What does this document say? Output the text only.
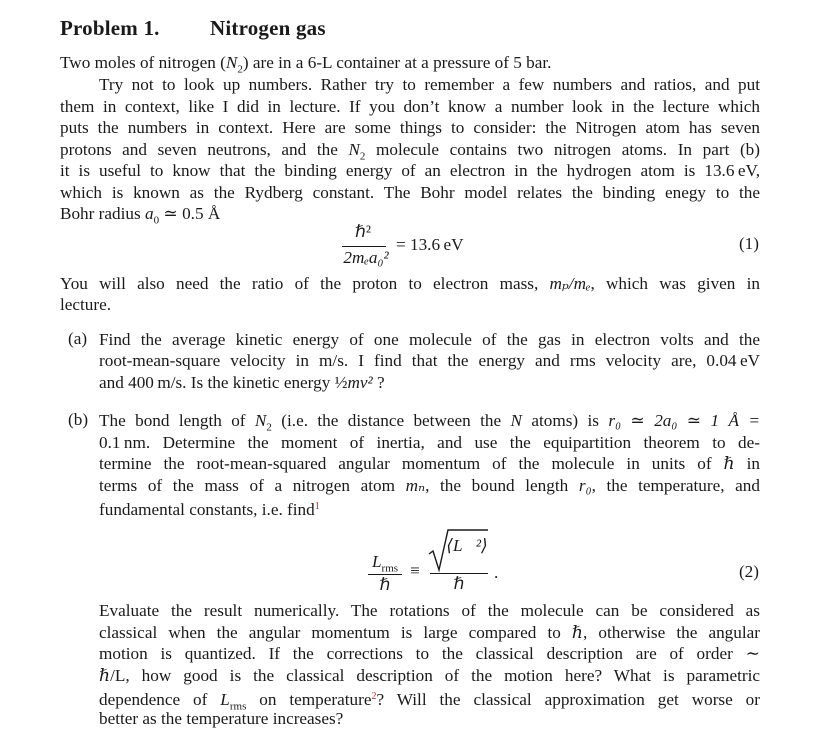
Problem 1. Nitrogen gas
Two moles of nitrogen $(N_2)$ are in a 6-L container at a pressure of 5 bar.
Try not to look up numbers. Rather try to remember a few numbers and ratios, and put
them in context, like I did in lecture. If you don’t know a number look in the lecture which
puts the numbers in context. Here are some things to consider: the Nitrogen atom has seven
protons and seven neutrons, and the $N_2$ molecule contains two nitrogen atoms. In part (b)
it is useful to know that the binding energy of an electron in the hydrogen atom is 13.6 eV,
which is known as the Rydberg constant. The Bohr model relates the binding enegy to the
Bohr radius $a_0$ ≃ 0.5 Å
ℏ²
2mₑa₀²
= 13.6 eV	(1)
You will also need the ratio of the proton to electron mass, mₚ/mₑ, which was given in
lecture.
(a) Find the average kinetic energy of one molecule of the gas in electron volts and the
root-mean-square velocity in m/s. I find that the energy and rms velocity are, 0.04 eV
and 400 m/s. Is the kinetic energy ½mv² ?
(b) The bond length of $N_2$ (i.e. the distance between the N atoms) is r₀ ≃ 2a₀ ≃ 1 Å =
0.1 nm. Determine the moment of inertia, and use the equipartition theorem to de-
termine the root-mean-squared angular momentum of the molecule in units of ℏ in
terms of the mass of a nitrogen atom mₙ, the bound length r₀, the temperature, and
fundamental constants, i.e. find$^1$
$L_{rms}$
ℏ
≡
⟨L⃗²⟩
ℏ
.	(2)
Evaluate the result numerically. The rotations of the molecule can be considered as
classical when the angular momentum is large compared to ℏ, otherwise the angular
motion is quantized. If the corrections to the classical description are of order ∼
ℏ/L, how good is the classical description of the motion here? What is parametric
dependence of $L_{rms}$ on temperature$^2$? Will the classical approximation get worse or
better as the temperature increases?
